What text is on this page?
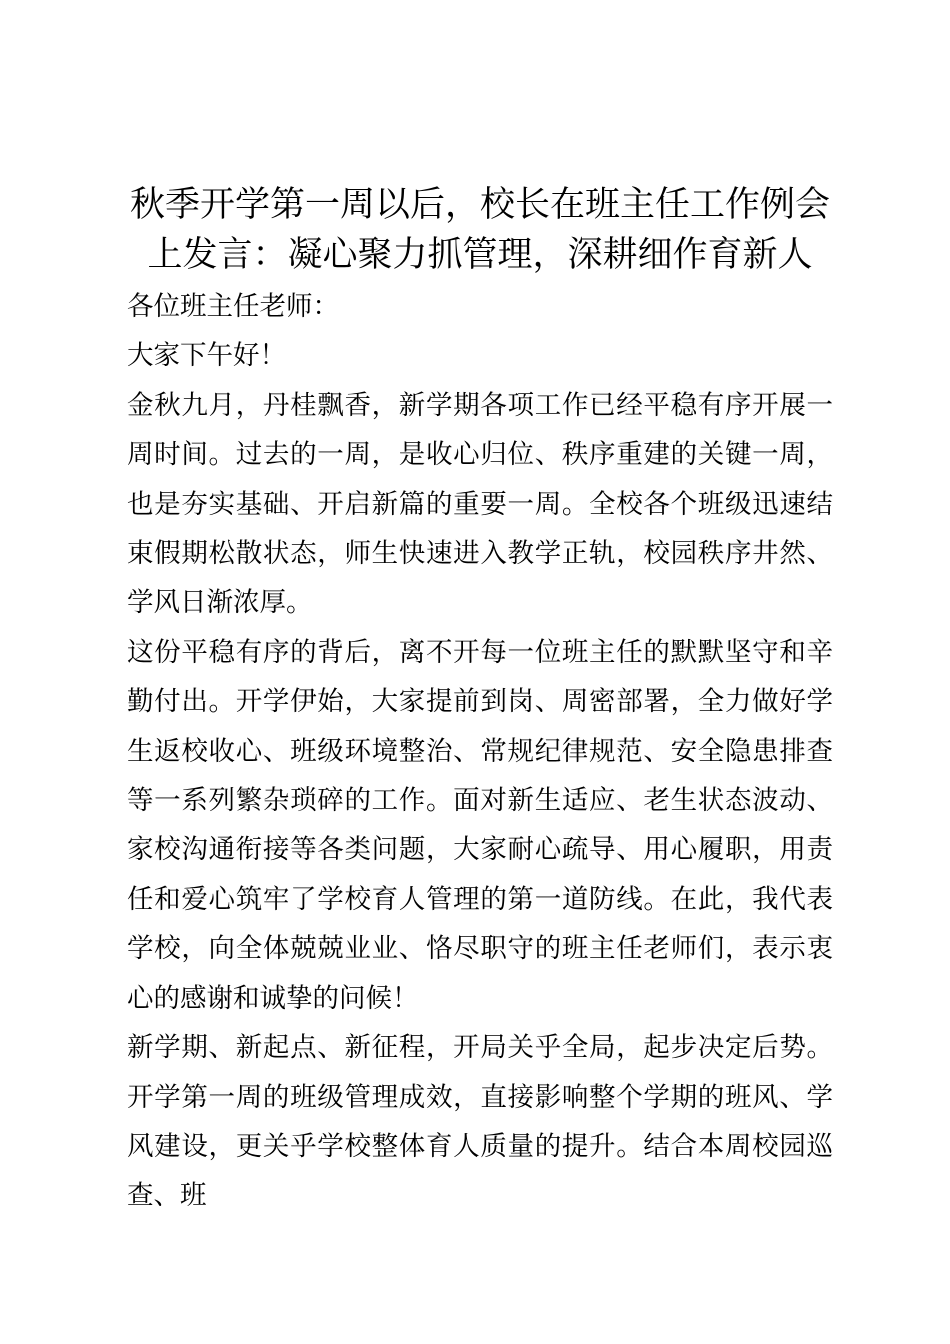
秋季开学第一周以后，校长在班主任工作例会
上发言：凝心聚力抓管理，深耕细作育新人

各位班主任老师：

大家下午好！

金秋九月，丹桂飘香，新学期各项工作已经平稳有序开展一周时间。过去的一周，是收心归位、秩序重建的关键一周，也是夯实基础、开启新篇的重要一周。全校各个班级迅速结束假期松散状态，师生快速进入教学正轨，校园秩序井然、学风日渐浓厚。

这份平稳有序的背后，离不开每一位班主任的默默坚守和辛勤付出。开学伊始，大家提前到岗、周密部署，全力做好学生返校收心、班级环境整治、常规纪律规范、安全隐患排查等一系列繁杂琐碎的工作。面对新生适应、老生状态波动、家校沟通衔接等各类问题，大家耐心疏导、用心履职，用责任和爱心筑牢了学校育人管理的第一道防线。在此，我代表学校，向全体兢兢业业、恪尽职守的班主任老师们，表示衷心的感谢和诚挚的问候！

新学期、新起点、新征程，开局关乎全局，起步决定后势。开学第一周的班级管理成效，直接影响整个学期的班风、学风建设，更关乎学校整体育人质量的提升。结合本周校园巡查、班
